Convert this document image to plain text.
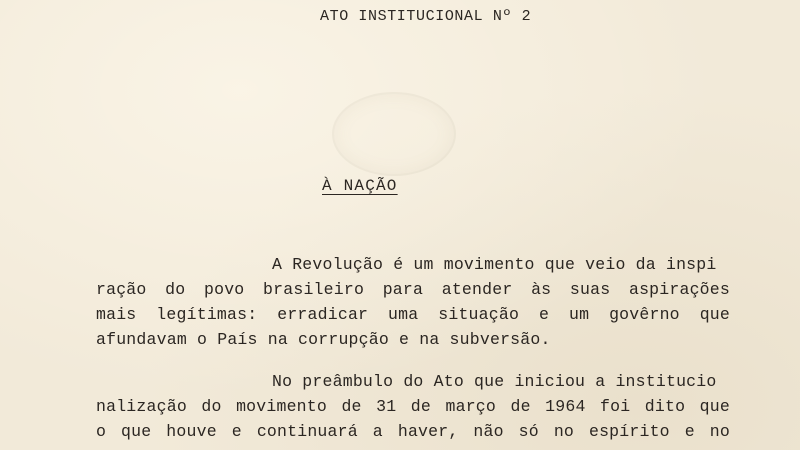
ATO INSTITUCIONAL Nº 2

À NAÇÃO

A Revolução é um movimento que veio da inspi

ração do povo brasileiro para atender às suas aspirações

mais legítimas: erradicar uma situação e um govêrno que

afundavam o País na corrupção e na subversão.

No preâmbulo do Ato que iniciou a institucio

nalização do movimento de 31 de março de 1964 foi dito que

o que houve e continuará a haver, não só no espírito e no
